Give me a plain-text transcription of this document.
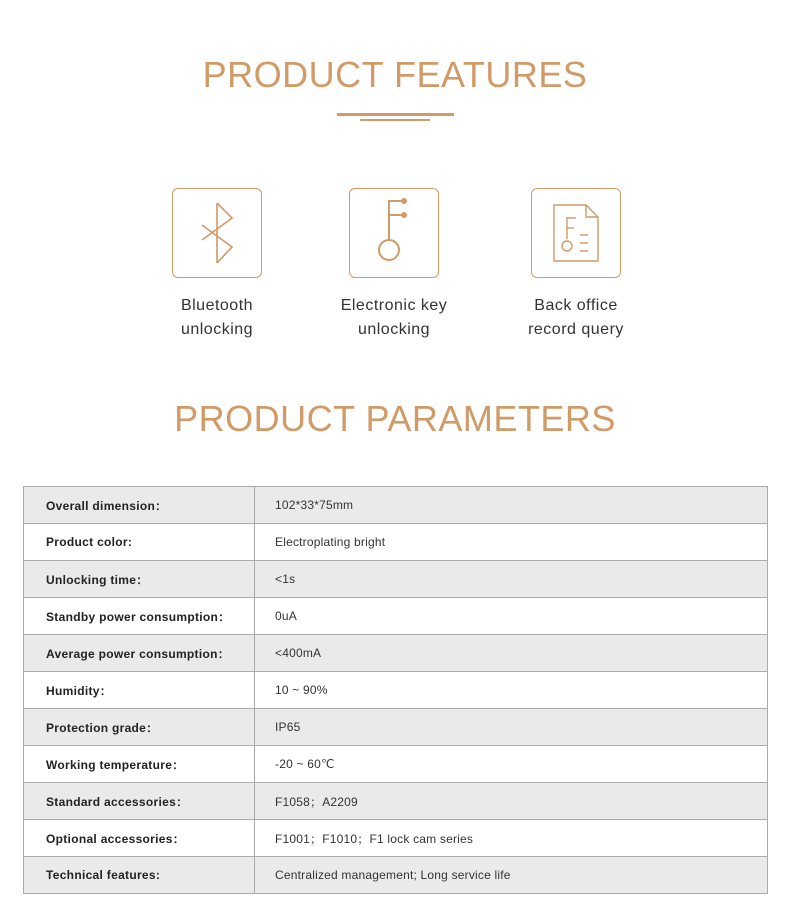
PRODUCT FEATURES
Bluetooth
unlocking
Electronic key
unlocking
Back office
record query
PRODUCT PARAMETERS
Overall dimension：	102*33*75mm
Product color:	Electroplating bright
Unlocking time：	<1s
Standby power consumption：	0uA
Average power consumption：	<400mA
Humidity：	10 ~ 90%
Protection grade：	IP65
Working temperature：	-20 ~ 60℃
Standard accessories：	F1058；A2209
Optional accessories：	F1001；F1010；F1 lock cam series
Technical features:	Centralized management; Long service life
